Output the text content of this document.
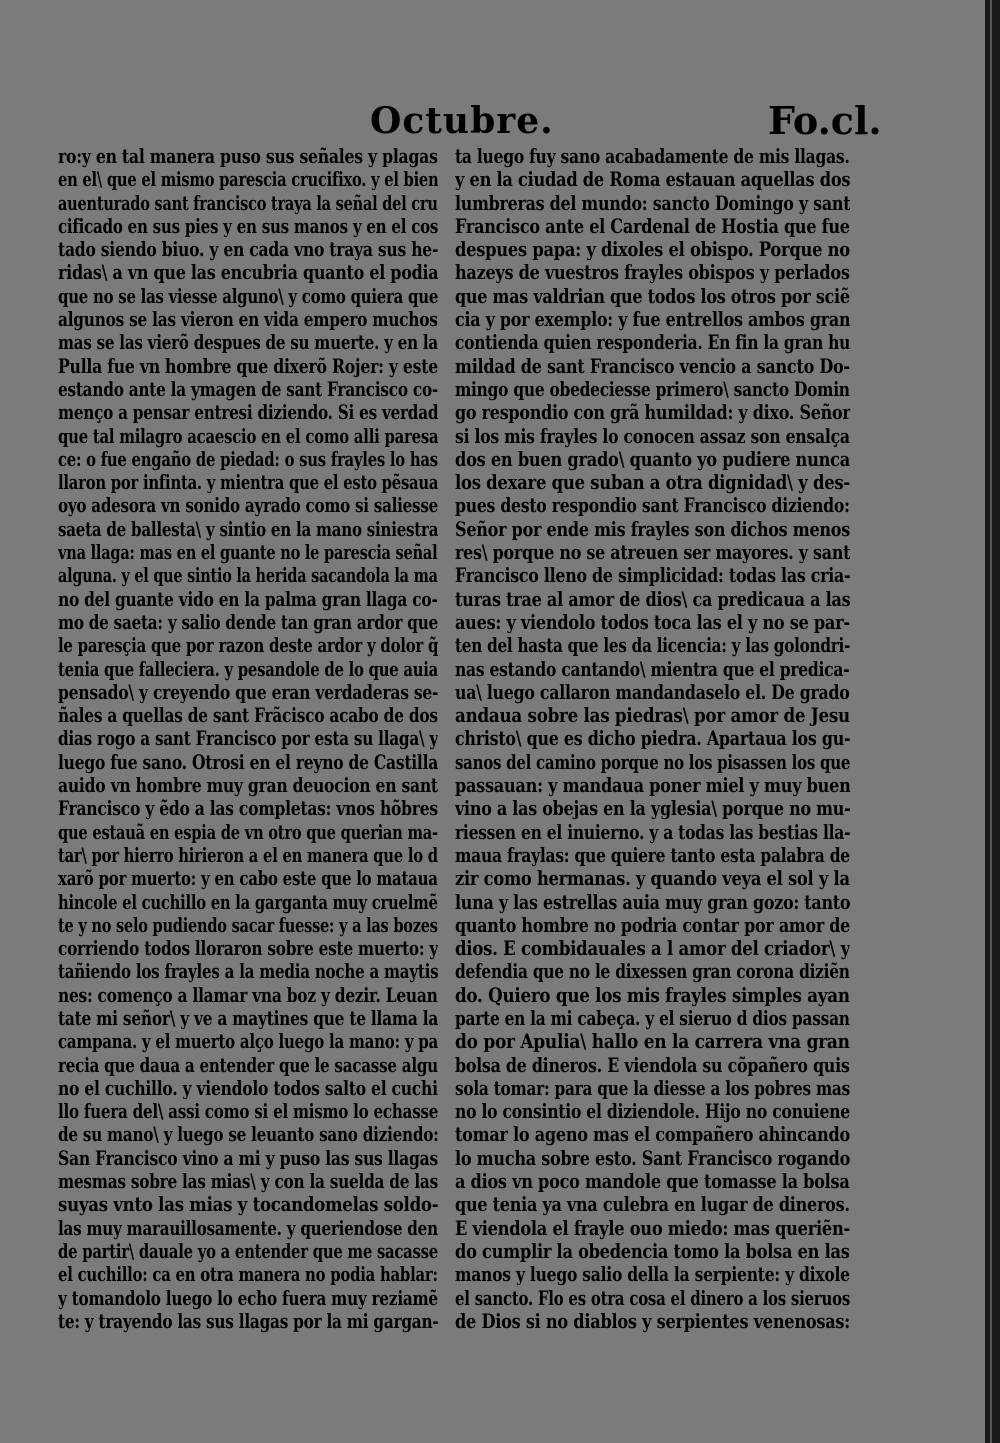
Octubre.	Fo.cl.
ro:y en tal manera puso sus señales y plagas
en el\ que el mismo parescia crucifixo. y el bien
auenturado sant francisco traya la señal del cru
cificado en sus pies y en sus manos y en el cos
tado siendo biuo. y en cada vno traya sus he-
ridas\ a vn que las encubria quanto el podia
que no se las viesse alguno\ y como quiera que
algunos se las vieron en vida empero muchos
mas se las vierõ despues de su muerte. y en la
Pulla fue vn hombre que dixerõ Rojer: y este
estando ante la ymagen de sant Francisco co-
menço a pensar entresi diziendo. Si es verdad
que tal milagro acaescio en el como alli paresa
ce: o fue engaño de piedad: o sus frayles lo has
llaron por infinta. y mientra que el esto pẽsaua
oyo adesora vn sonido ayrado como si saliesse
saeta de ballesta\ y sintio en la mano siniestra
vna llaga: mas en el guante no le parescia señal
alguna. y el que sintio la herida sacandola la ma
no del guante vido en la palma gran llaga co-
mo de saeta: y salio dende tan gran ardor que
le paresçia que por razon deste ardor y dolor q̃
tenia que falleciera. y pesandole de lo que auia
pensado\ y creyendo que eran verdaderas se-
ñales a quellas de sant Frãcisco acabo de dos
dias rogo a sant Francisco por esta su llaga\ y
luego fue sano. Otrosi en el reyno de Castilla
auido vn hombre muy gran deuocion en sant
Francisco y ẽdo a las completas: vnos hõbres
que estauã en espia de vn otro que querian ma-
tar\ por hierro hirieron a el en manera que lo d
xarõ por muerto: y en cabo este que lo mataua
hincole el cuchillo en la garganta muy cruelmẽ
te y no selo pudiendo sacar fuesse: y a las bozes
corriendo todos lloraron sobre este muerto: y
tañiendo los frayles a la media noche a maytis
nes: començo a llamar vna boz y dezir. Leuan
tate mi señor\ y ve a maytines que te llama la
campana. y el muerto alço luego la mano: y pa
recia que daua a entender que le sacasse algu
no el cuchillo. y viendolo todos salto el cuchi
llo fuera del\ assi como si el mismo lo echasse
de su mano\ y luego se leuanto sano diziendo:
San Francisco vino a mi y puso las sus llagas
mesmas sobre las mias\ y con la suelda de las
suyas vnto las mias y tocandomelas soldo-
las muy marauillosamente. y queriendose den
de partir\ dauale yo a entender que me sacasse
el cuchillo: ca en otra manera no podia hablar:
y tomandolo luego lo echo fuera muy reziamẽ
te: y trayendo las sus llagas por la mi gargan-
ta luego fuy sano acabadamente de mis llagas.
y en la ciudad de Roma estauan aquellas dos
lumbreras del mundo: sancto Domingo y sant
Francisco ante el Cardenal de Hostia que fue
despues papa: y dixoles el obispo. Porque no
hazeys de vuestros frayles obispos y perlados
que mas valdrian que todos los otros por sciẽ
cia y por exemplo: y fue entrellos ambos gran
contienda quien responderia. En fin la gran hu
mildad de sant Francisco vencio a sancto Do-
mingo que obedeciesse primero\ sancto Domin
go respondio con grã humildad: y dixo. Señor
si los mis frayles lo conocen assaz son ensalça
dos en buen grado\ quanto yo pudiere nunca
los dexare que suban a otra dignidad\ y des-
pues desto respondio sant Francisco diziendo:
Señor por ende mis frayles son dichos menos
res\ porque no se atreuen ser mayores. y sant
Francisco lleno de simplicidad: todas las cria-
turas trae al amor de dios\ ca predicaua a las
aues: y viendolo todos toca las el y no se par-
ten del hasta que les da licencia: y las golondri-
nas estando cantando\ mientra que el predica-
ua\ luego callaron mandandaselo el. De grado
andaua sobre las piedras\ por amor de Jesu
christo\ que es dicho piedra. Apartaua los gu-
sanos del camino porque no los pisassen los que
passauan: y mandaua poner miel y muy buen
vino a las obejas en la yglesia\ porque no mu-
riessen en el inuierno. y a todas las bestias lla-
maua fraylas: que quiere tanto esta palabra de
zir como hermanas. y quando veya el sol y la
luna y las estrellas auia muy gran gozo: tanto
quanto hombre no podria contar por amor de
dios. E combidauales a l amor del criador\ y
defendia que no le dixessen gran corona diziẽn
do. Quiero que los mis frayles simples ayan
parte en la mi cabeça. y el sieruo d dios passan
do por Apulia\ hallo en la carrera vna gran
bolsa de dineros. E viendola su cõpañero quis
sola tomar: para que la diesse a los pobres mas
no lo consintio el diziendole. Hijo no conuiene
tomar lo ageno mas el compañero ahincando
lo mucha sobre esto. Sant Francisco rogando
a dios vn poco mandole que tomasse la bolsa
que tenia ya vna culebra en lugar de dineros.
E viendola el frayle ouo miedo: mas queriẽn-
do cumplir la obedencia tomo la bolsa en las
manos y luego salio della la serpiente: y dixole
el sancto. Flo es otra cosa el dinero a los sieruos
de Dios si no diablos y serpientes venenosas:
